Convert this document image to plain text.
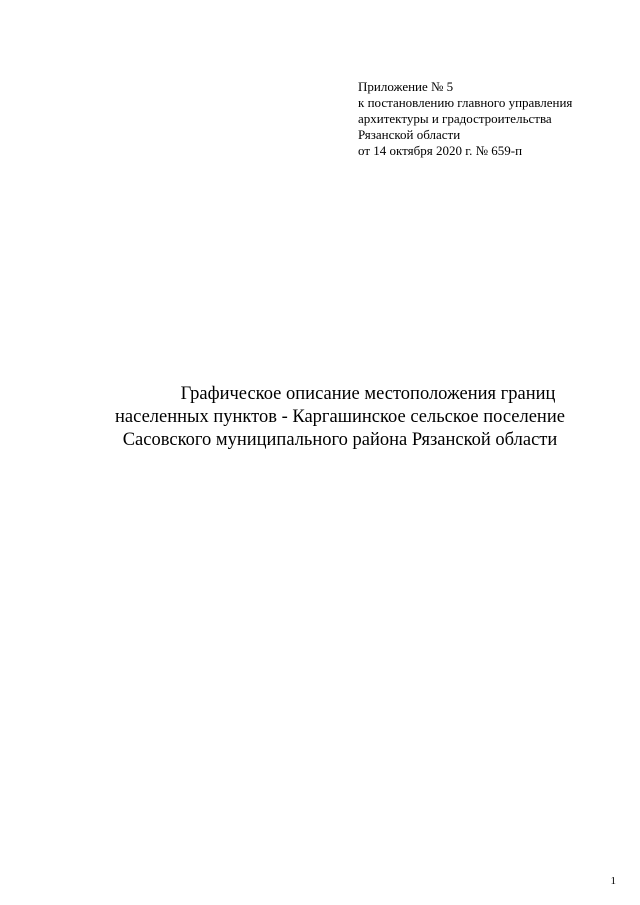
Приложение № 5
к постановлению главного управления
архитектуры и градостроительства
Рязанской области
от 14 октября 2020 г. № 659-п
Графическое описание местоположения границ
населенных пунктов - Каргашинское сельское поселение
Сасовского муниципального района Рязанской области
1
